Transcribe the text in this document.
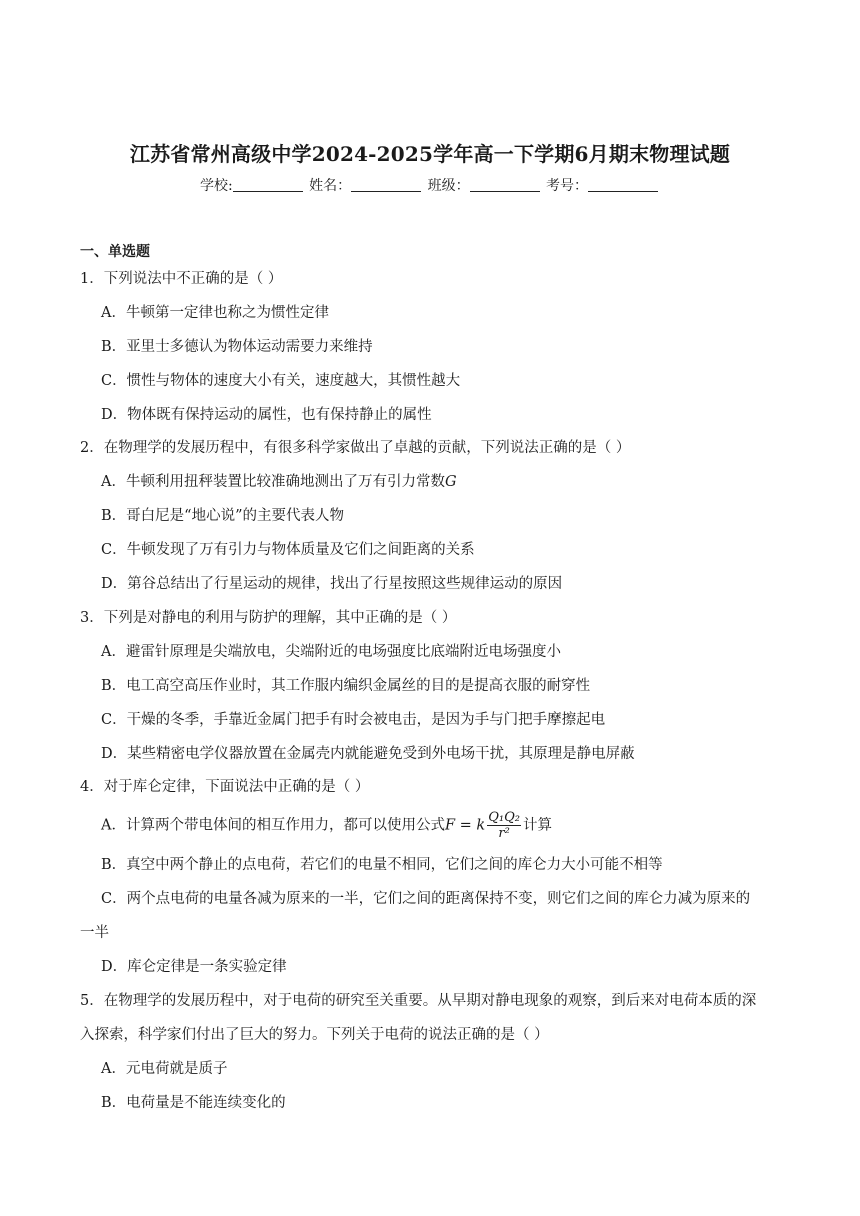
江苏省常州高级中学2024-2025学年高一下学期6月期末物理试题
学校:	姓名：	班级：	考号：
一、单选题
1．下列说法中不正确的是（ ）
A．牛顿第一定律也称之为惯性定律
B．亚里士多德认为物体运动需要力来维持
C．惯性与物体的速度大小有关，速度越大，其惯性越大
D．物体既有保持运动的属性，也有保持静止的属性
2．在物理学的发展历程中，有很多科学家做出了卓越的贡献，下列说法正确的是（ ）
A．牛顿利用扭秤装置比较准确地测出了万有引力常数G
B．哥白尼是“地心说”的主要代表人物
C．牛顿发现了万有引力与物体质量及它们之间距离的关系
D．第谷总结出了行星运动的规律，找出了行星按照这些规律运动的原因
3．下列是对静电的利用与防护的理解，其中正确的是（ ）
A．避雷针原理是尖端放电，尖端附近的电场强度比底端附近电场强度小
B．电工高空高压作业时，其工作服内编织金属丝的目的是提高衣服的耐穿性
C．干燥的冬季，手靠近金属门把手有时会被电击，是因为手与门把手摩擦起电
D．某些精密电学仪器放置在金属壳内就能避免受到外电场干扰，其原理是静电屏蔽
4．对于库仑定律，下面说法中正确的是（ ）
A．计算两个带电体间的相互作用力，都可以使用公式F = k $\frac{\text{Q₁Q₂}}{\text{r²}}$ 计算
B．真空中两个静止的点电荷，若它们的电量不相同，它们之间的库仑力大小可能不相等
C．两个点电荷的电量各减为原来的一半，它们之间的距离保持不变，则它们之间的库仑力减为原来的
一半
D．库仑定律是一条实验定律
5．在物理学的发展历程中，对于电荷的研究至关重要。从早期对静电现象的观察，到后来对电荷本质的深
入探索，科学家们付出了巨大的努力。下列关于电荷的说法正确的是（ ）
A．元电荷就是质子
B．电荷量是不能连续变化的
